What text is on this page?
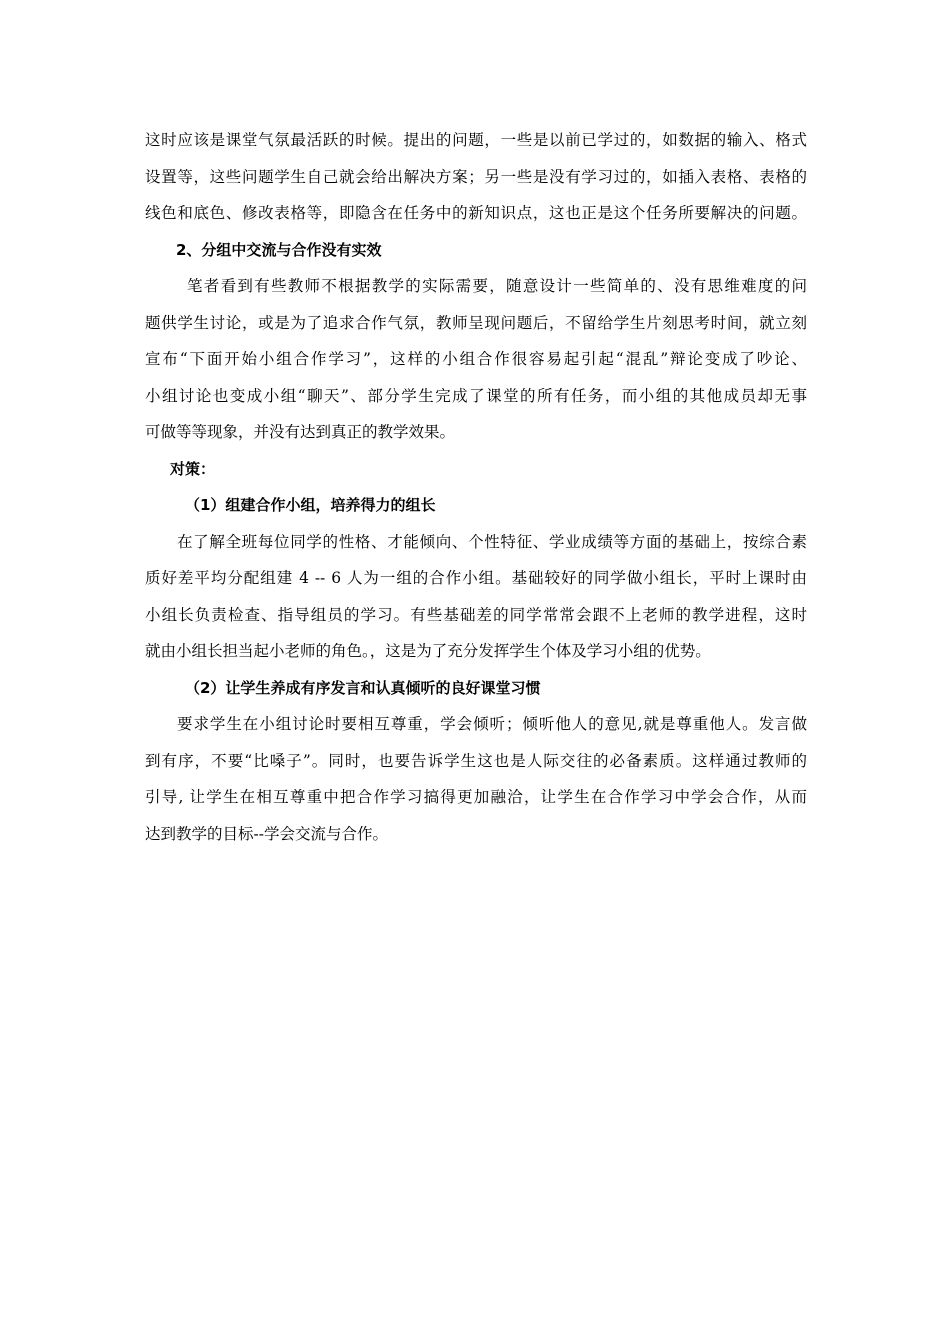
这时应该是课堂气氛最活跃的时候。提出的问题，一些是以前已学过的，如数据的输入、格式
设置等，这些问题学生自己就会给出解决方案；另一些是没有学习过的，如插入表格、表格的
线色和底色、修改表格等，即隐含在任务中的新知识点，这也正是这个任务所要解决的问题。
2、分组中交流与合作没有实效
笔者看到有些教师不根据教学的实际需要，随意设计一些简单的、没有思维难度的问
题供学生讨论，或是为了追求合作气氛，教师呈现问题后，不留给学生片刻思考时间，就立刻
宣布“下面开始小组合作学习”，这样的小组合作很容易起引起“混乱”辩论变成了吵论、
小组讨论也变成小组“聊天”、部分学生完成了课堂的所有任务，而小组的其他成员却无事
可做等等现象，并没有达到真正的教学效果。
对策：
（1）组建合作小组，培养得力的组长
在了解全班每位同学的性格、才能倾向、个性特征、学业成绩等方面的基础上，按综合素
质好差平均分配组建 4 -- 6 人为一组的合作小组。基础较好的同学做小组长，平时上课时由
小组长负责检查、指导组员的学习。有些基础差的同学常常会跟不上老师的教学进程，这时
就由小组长担当起小老师的角色。，这是为了充分发挥学生个体及学习小组的优势。
（2）让学生养成有序发言和认真倾听的良好课堂习惯
要求学生在小组讨论时要相互尊重，学会倾听；倾听他人的意见,就是尊重他人。发言做
到有序，不要“比嗓子”。同时，也要告诉学生这也是人际交往的必备素质。这样通过教师的
引导, 让学生在相互尊重中把合作学习搞得更加融洽，让学生在合作学习中学会合作，从而
达到教学的目标--学会交流与合作。
